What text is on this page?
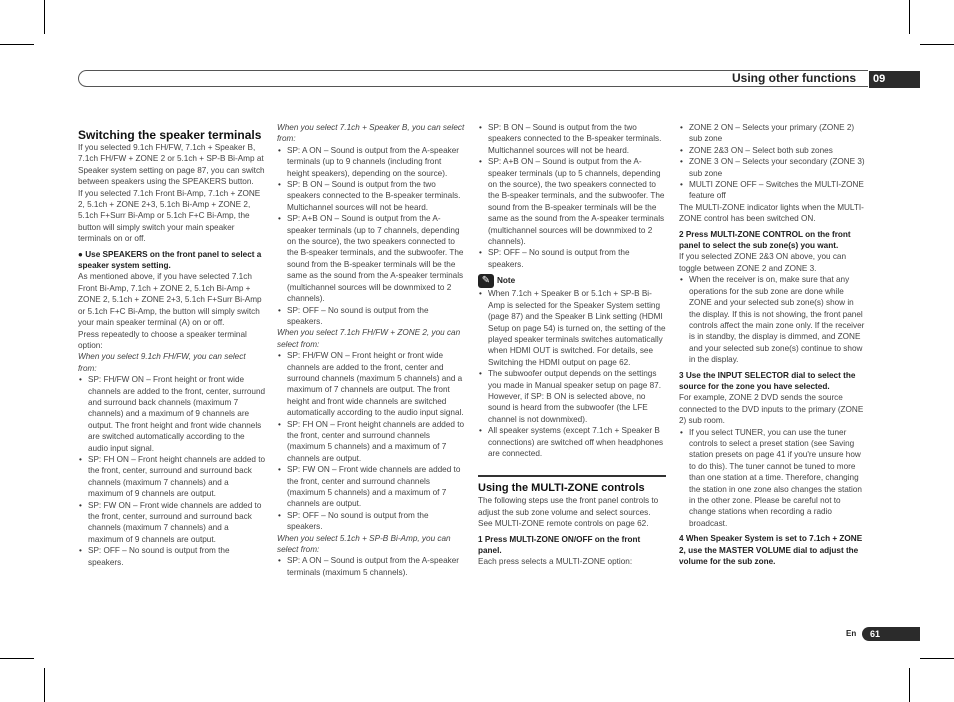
Using other functions	09

Switching the speaker terminals

If you selected 9.1ch FH/FW, 7.1ch + Speaker B, 7.1ch FH/FW + ZONE 2 or 5.1ch + SP-B Bi-Amp at Speaker system setting on page 87, you can switch between speakers using the SPEAKERS button.

If you selected 7.1ch Front Bi-Amp, 7.1ch + ZONE 2, 5.1ch + ZONE 2+3, 5.1ch Bi-Amp + ZONE 2, 5.1ch F+Surr Bi-Amp or 5.1ch F+C Bi-Amp, the button will simply switch your main speaker terminals on or off.

● Use SPEAKERS on the front panel to select a speaker system setting.

As mentioned above, if you have selected 7.1ch Front Bi-Amp, 7.1ch + ZONE 2, 5.1ch Bi-Amp + ZONE 2, 5.1ch + ZONE 2+3, 5.1ch F+Surr Bi-Amp or 5.1ch F+C Bi-Amp, the button will simply switch your main speaker terminal (A) on or off.

Press repeatedly to choose a speaker terminal option:

When you select 9.1ch FH/FW, you can select from:

• SP: FH/FW ON – Front height or front wide channels are added to the front, center, surround and surround back channels (maximum 7 channels) and a maximum of 9 channels are output. The front height and front wide channels are switched automatically according to the audio input signal.
• SP: FH ON – Front height channels are added to the front, center, surround and surround back channels (maximum 7 channels) and a maximum of 9 channels are output.
• SP: FW ON – Front wide channels are added to the front, center, surround and surround back channels (maximum 7 channels) and a maximum of 9 channels are output.
• SP: OFF – No sound is output from the speakers.

When you select 7.1ch + Speaker B, you can select from:

• SP: A ON – Sound is output from the A-speaker terminals (up to 9 channels (including front height speakers), depending on the source).
• SP: B ON – Sound is output from the two speakers connected to the B-speaker terminals. Multichannel sources will not be heard.
• SP: A+B ON – Sound is output from the A-speaker terminals (up to 7 channels, depending on the source), the two speakers connected to the B-speaker terminals, and the subwoofer. The sound from the B-speaker terminals will be the same as the sound from the A-speaker terminals (multichannel sources will be downmixed to 2 channels).
• SP: OFF – No sound is output from the speakers.

When you select 7.1ch FH/FW + ZONE 2, you can select from:

• SP: FH/FW ON – Front height or front wide channels are added to the front, center and surround channels (maximum 5 channels) and a maximum of 7 channels are output. The front height and front wide channels are switched automatically according to the audio input signal.
• SP: FH ON – Front height channels are added to the front, center and surround channels (maximum 5 channels) and a maximum of 7 channels are output.
• SP: FW ON – Front wide channels are added to the front, center and surround channels (maximum 5 channels) and a maximum of 7 channels are output.
• SP: OFF – No sound is output from the speakers.

When you select 5.1ch + SP-B Bi-Amp, you can select from:

• SP: A ON – Sound is output from the A-speaker terminals (maximum 5 channels).
• SP: B ON – Sound is output from the two speakers connected to the B-speaker terminals. Multichannel sources will not be heard.
• SP: A+B ON – Sound is output from the A-speaker terminals (up to 5 channels, depending on the source), the two speakers connected to the B-speaker terminals, and the subwoofer. The sound from the B-speaker terminals will be the same as the sound from the A-speaker terminals (multichannel sources will be downmixed to 2 channels).
• SP: OFF – No sound is output from the speakers.

✎ Note

• When 7.1ch + Speaker B or 5.1ch + SP-B Bi-Amp is selected for the Speaker System setting (page 87) and the Speaker B Link setting (HDMI Setup on page 54) is turned on, the setting of the played speaker terminals switches automatically when HDMI OUT is switched. For details, see Switching the HDMI output on page 62.
• The subwoofer output depends on the settings you made in Manual speaker setup on page 87. However, if SP: B ON is selected above, no sound is heard from the subwoofer (the LFE channel is not downmixed).
• All speaker systems (except 7.1ch + Speaker B connections) are switched off when headphones are connected.

Using the MULTI-ZONE controls

The following steps use the front panel controls to adjust the sub zone volume and select sources. See MULTI-ZONE remote controls on page 62.

1 Press MULTI-ZONE ON/OFF on the front panel.

Each press selects a MULTI-ZONE option:

• ZONE 2 ON – Selects your primary (ZONE 2) sub zone
• ZONE 2&3 ON – Select both sub zones
• ZONE 3 ON – Selects your secondary (ZONE 3) sub zone
• MULTI ZONE OFF – Switches the MULTI-ZONE feature off

The MULTI-ZONE indicator lights when the MULTI-ZONE control has been switched ON.

2 Press MULTI-ZONE CONTROL on the front panel to select the sub zone(s) you want.

If you selected ZONE 2&3 ON above, you can toggle between ZONE 2 and ZONE 3.

• When the receiver is on, make sure that any operations for the sub zone are done while ZONE and your selected sub zone(s) show in the display. If this is not showing, the front panel controls affect the main zone only. If the receiver is in standby, the display is dimmed, and ZONE and your selected sub zone(s) continue to show in the display.

3 Use the INPUT SELECTOR dial to select the source for the zone you have selected.

For example, ZONE 2 DVD sends the source connected to the DVD inputs to the primary (ZONE 2) sub room.

• If you select TUNER, you can use the tuner controls to select a preset station (see Saving station presets on page 41 if you're unsure how to do this). The tuner cannot be tuned to more than one station at a time. Therefore, changing the station in one zone also changes the station in the other zone. Please be careful not to change stations when recording a radio broadcast.

4 When Speaker System is set to 7.1ch + ZONE 2, use the MASTER VOLUME dial to adjust the volume for the sub zone.

En	61
